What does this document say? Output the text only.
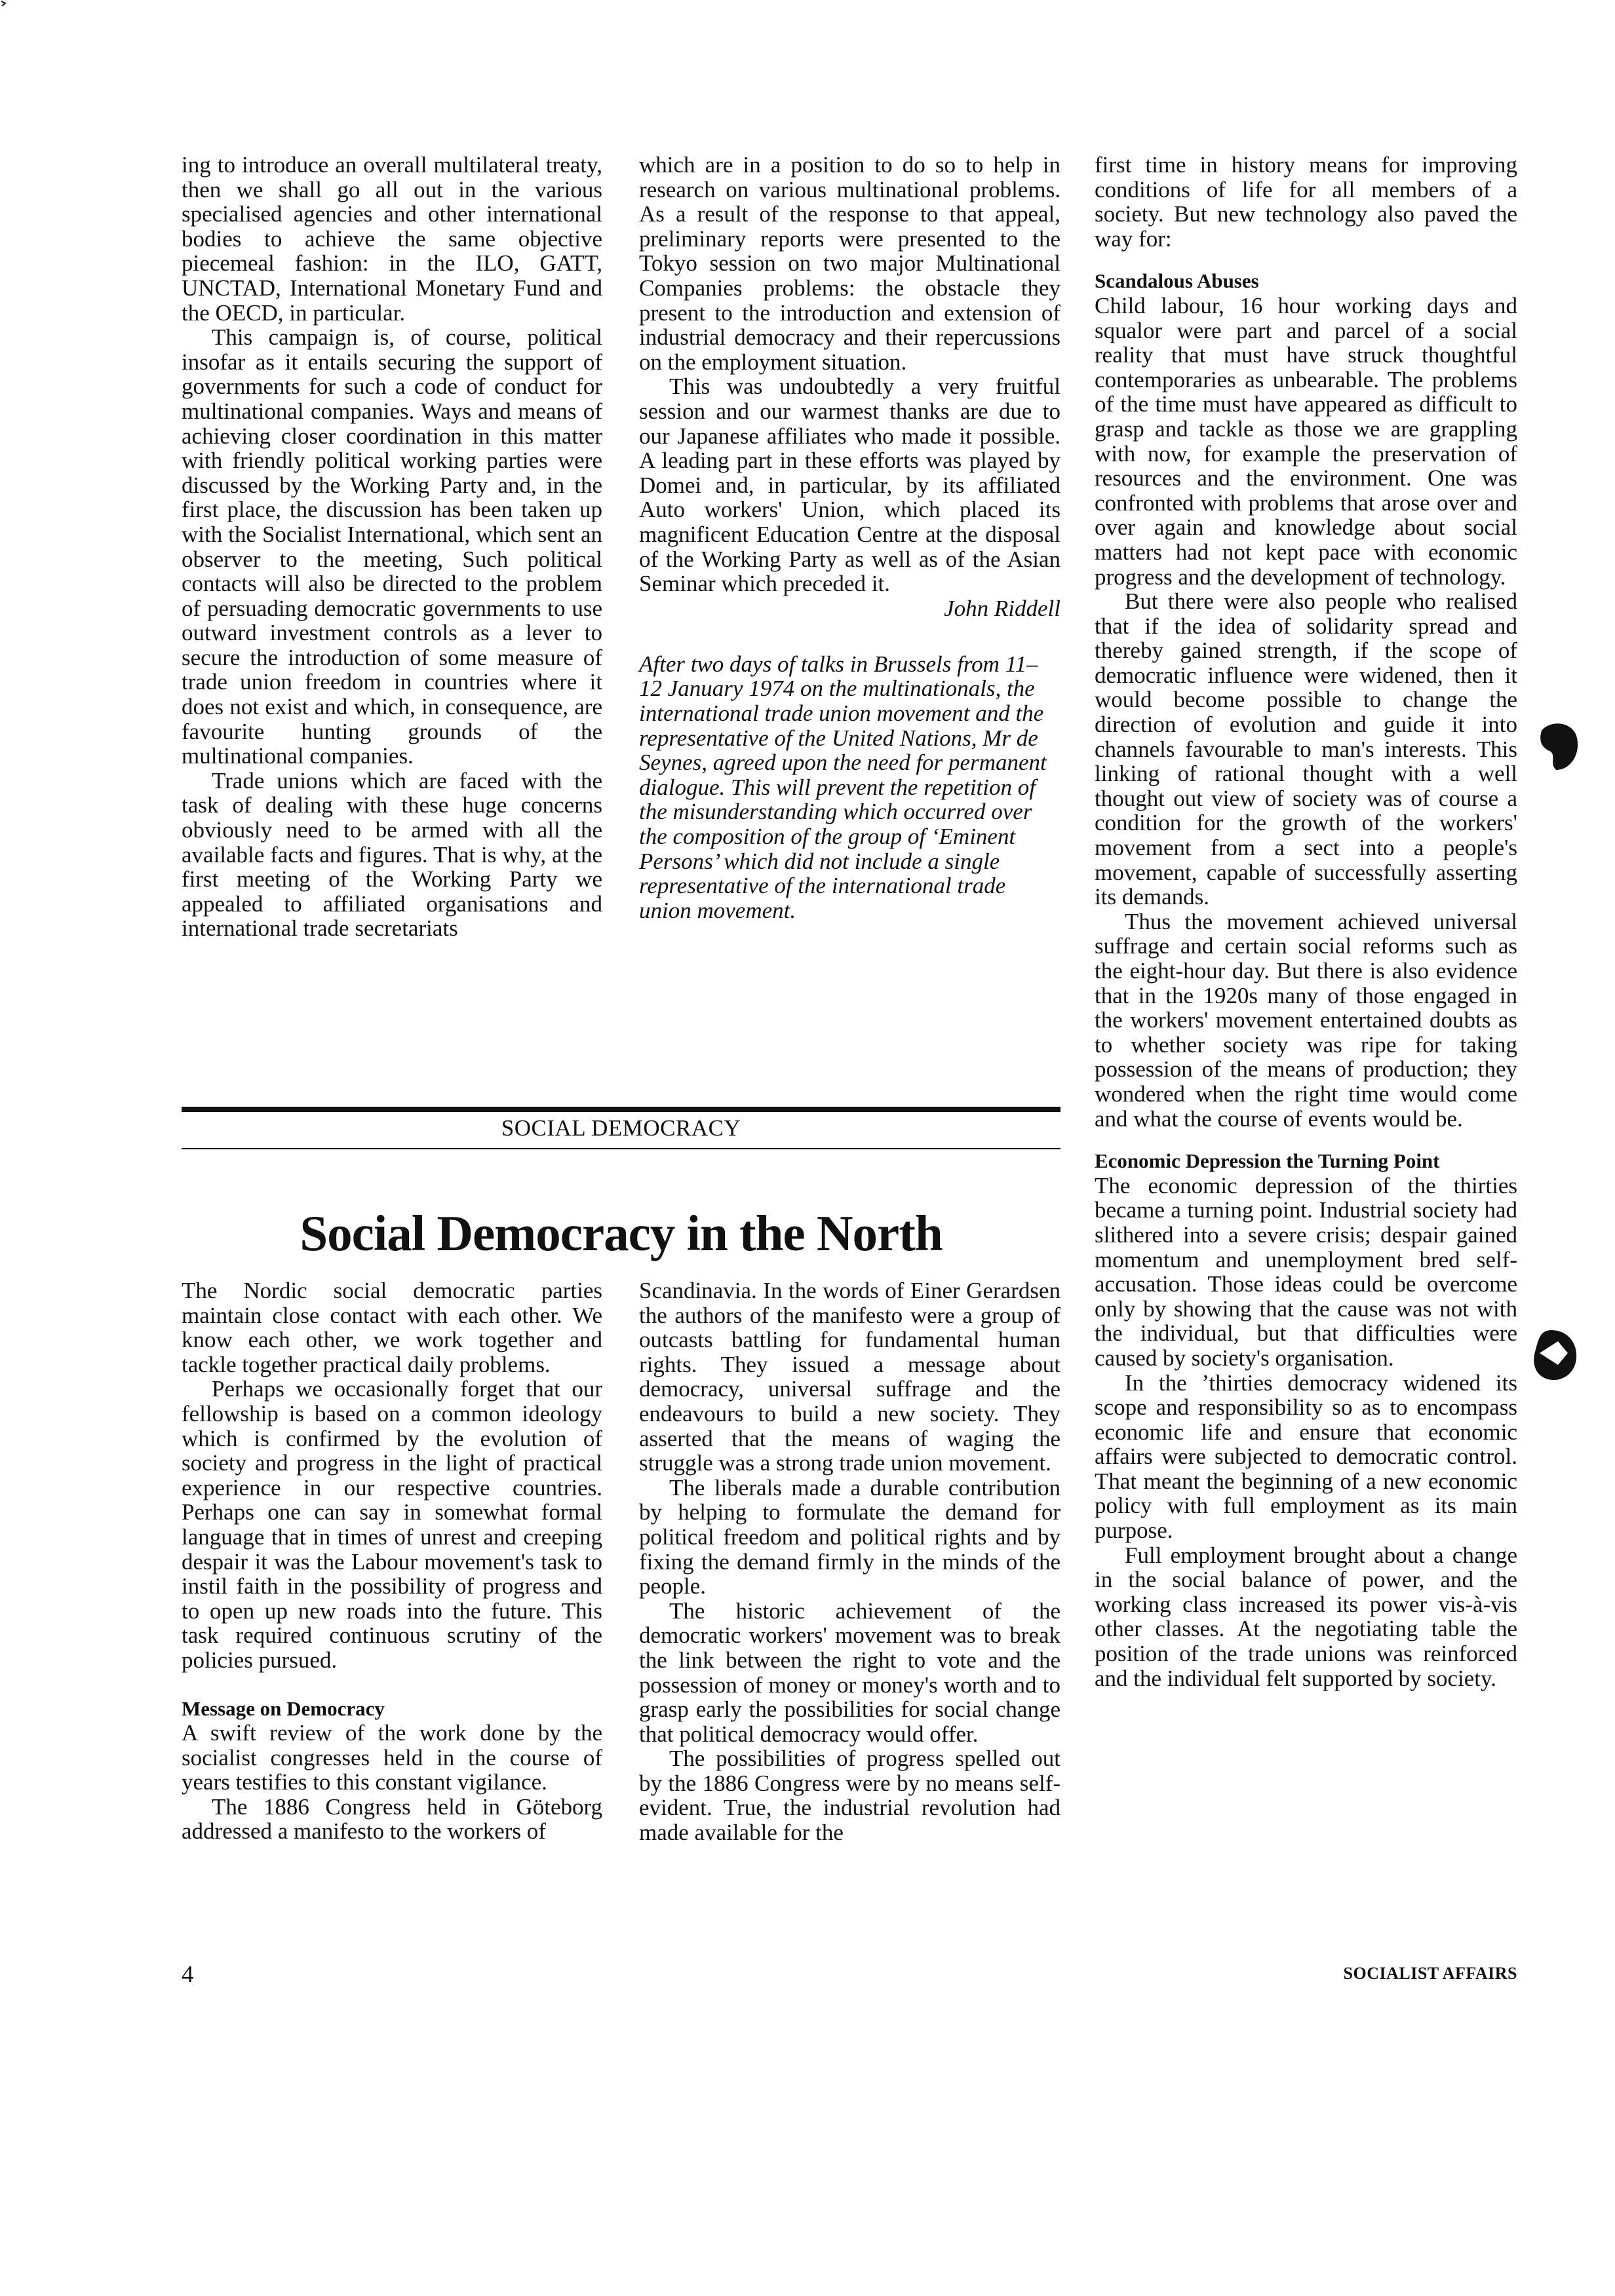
ing to introduce an overall multilateral treaty, then we shall go all out in the various specialised agencies and other international bodies to achieve the same objective piecemeal fashion: in the ILO, GATT, UNCTAD, International Monetary Fund and the OECD, in particular.

This campaign is, of course, political insofar as it entails securing the support of governments for such a code of conduct for multinational companies. Ways and means of achieving closer coordination in this matter with friendly political working parties were discussed by the Working Party and, in the first place, the discussion has been taken up with the Socialist International, which sent an observer to the meeting, Such political contacts will also be directed to the problem of persuading democratic governments to use outward investment controls as a lever to secure the introduction of some measure of trade union freedom in countries where it does not exist and which, in consequence, are favourite hunting grounds of the multinational companies.

Trade unions which are faced with the task of dealing with these huge concerns obviously need to be armed with all the available facts and figures. That is why, at the first meeting of the Working Party we appealed to affiliated organisations and international trade secretariats

which are in a position to do so to help in research on various multinational problems. As a result of the response to that appeal, preliminary reports were presented to the Tokyo session on two major Multinational Companies problems: the obstacle they present to the introduction and extension of industrial democracy and their repercussions on the employment situation.

This was undoubtedly a very fruitful session and our warmest thanks are due to our Japanese affiliates who made it possible. A leading part in these efforts was played by Domei and, in particular, by its affiliated Auto workers' Union, which placed its magnificent Education Centre at the disposal of the Working Party as well as of the Asian Seminar which preceded it.

John Riddell

After two days of talks in Brussels from 11–12 January 1974 on the multinationals, the international trade union movement and the representative of the United Nations, Mr de Seynes, agreed upon the need for permanent dialogue. This will prevent the repetition of the misunderstanding which occurred over the composition of the group of ‘Eminent Persons’ which did not include a single representative of the international trade union movement.

first time in history means for improving conditions of life for all members of a society. But new technology also paved the way for:

Scandalous Abuses

Child labour, 16 hour working days and squalor were part and parcel of a social reality that must have struck thoughtful contemporaries as unbearable. The problems of the time must have appeared as difficult to grasp and tackle as those we are grappling with now, for example the preservation of resources and the environment. One was confronted with problems that arose over and over again and knowledge about social matters had not kept pace with economic progress and the development of technology.

But there were also people who realised that if the idea of solidarity spread and thereby gained strength, if the scope of democratic influence were widened, then it would become possible to change the direction of evolution and guide it into channels favourable to man's interests. This linking of rational thought with a well thought out view of society was of course a condition for the growth of the workers' movement from a sect into a people's movement, capable of successfully asserting its demands.

Thus the movement achieved universal suffrage and certain social reforms such as the eight-hour day. But there is also evidence that in the 1920s many of those engaged in the workers' movement entertained doubts as to whether society was ripe for taking possession of the means of production; they wondered when the right time would come and what the course of events would be.

Economic Depression the Turning Point

The economic depression of the thirties became a turning point. Industrial society had slithered into a severe crisis; despair gained momentum and unemployment bred self-accusation. Those ideas could be overcome only by showing that the cause was not with the individual, but that difficulties were caused by society's organisation.

In the ’thirties democracy widened its scope and responsibility so as to encompass economic life and ensure that economic affairs were subjected to democratic control. That meant the beginning of a new economic policy with full employment as its main purpose.

Full employment brought about a change in the social balance of power, and the working class increased its power vis-à-vis other classes. At the negotiating table the position of the trade unions was reinforced and the individual felt supported by society.

SOCIAL DEMOCRACY
Social Democracy in the North

The Nordic social democratic parties maintain close contact with each other. We know each other, we work together and tackle together practical daily problems.

Perhaps we occasionally forget that our fellowship is based on a common ideology which is confirmed by the evolution of society and progress in the light of practical experience in our respective countries. Perhaps one can say in somewhat formal language that in times of unrest and creeping despair it was the Labour movement's task to instil faith in the possibility of progress and to open up new roads into the future. This task required continuous scrutiny of the policies pursued.

Message on Democracy

A swift review of the work done by the socialist congresses held in the course of years testifies to this constant vigilance.

The 1886 Congress held in Göteborg addressed a manifesto to the workers of

Scandinavia. In the words of Einer Gerardsen the authors of the manifesto were a group of outcasts battling for fundamental human rights. They issued a message about democracy, universal suffrage and the endeavours to build a new society. They asserted that the means of waging the struggle was a strong trade union movement.

The liberals made a durable contribution by helping to formulate the demand for political freedom and political rights and by fixing the demand firmly in the minds of the people.

The historic achievement of the democratic workers' movement was to break the link between the right to vote and the possession of money or money's worth and to grasp early the possibilities for social change that political democracy would offer.

The possibilities of progress spelled out by the 1886 Congress were by no means self-evident. True, the industrial revolution had made available for the

4	SOCIALIST AFFAIRS
